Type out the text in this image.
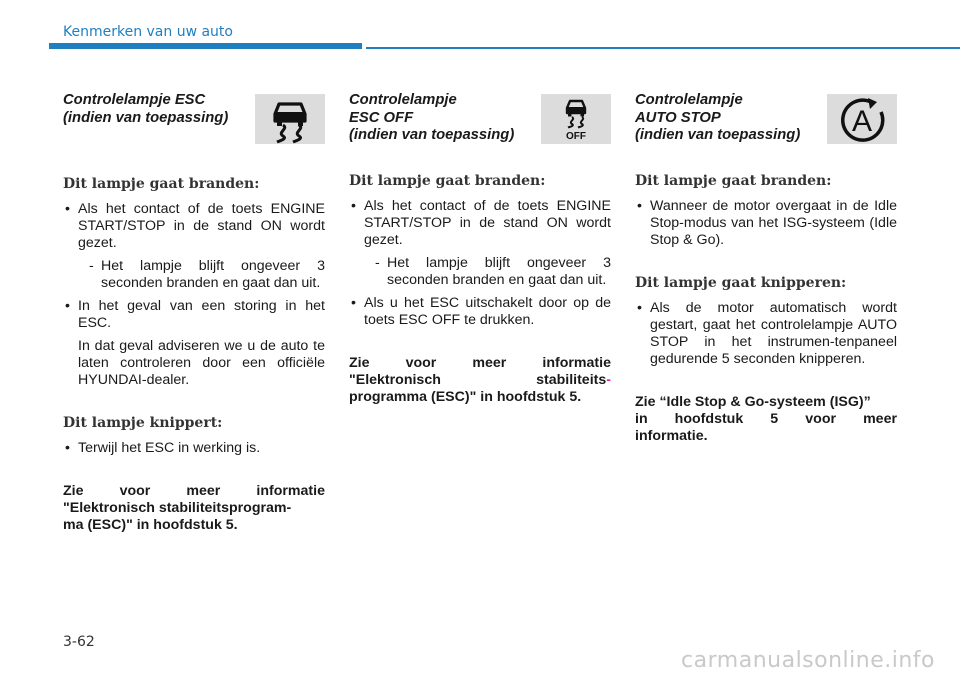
Kenmerken van uw auto

Controlelampje ESC
(indien van toepassing)

Dit lampje gaat branden:

• Als het contact of de toets ENGINE START/STOP in de stand ON wordt gezet.
- Het lampje blijft ongeveer 3 seconden branden en gaat dan uit.
• In het geval van een storing in het ESC.
In dat geval adviseren we u de auto te laten controleren door een officiële HYUNDAI-dealer.

Dit lampje knippert:

• Terwijl het ESC in werking is.
Zie voor meer informatie
"Elektronisch stabiliteitsprogram-
ma (ESC)" in hoofdstuk 5.

Controlelampje
ESC OFF
(indien van toepassing)	OFF

Dit lampje gaat branden:

• Als het contact of de toets ENGINE START/STOP in de stand ON wordt gezet.
- Het lampje blijft ongeveer 3 seconden branden en gaat dan uit.
• Als u het ESC uitschakelt door op de toets ESC OFF te drukken.
Zie voor meer informatie
"Elektronisch stabiliteits-
programma (ESC)" in hoofdstuk 5.

Controlelampje
AUTO STOP
(indien van toepassing)	A

Dit lampje gaat branden:

• Wanneer de motor overgaat in de Idle Stop-modus van het ISG-systeem (Idle Stop & Go).

Dit lampje gaat knipperen:

• Als de motor automatisch wordt gestart, gaat het controlelampje AUTO STOP in het instrumen-tenpaneel gedurende 5 seconden knipperen.
Zie “Idle Stop & Go-systeem (ISG)”
in hoofdstuk 5 voor meer
informatie.
3-62
carmanualsonline.info
